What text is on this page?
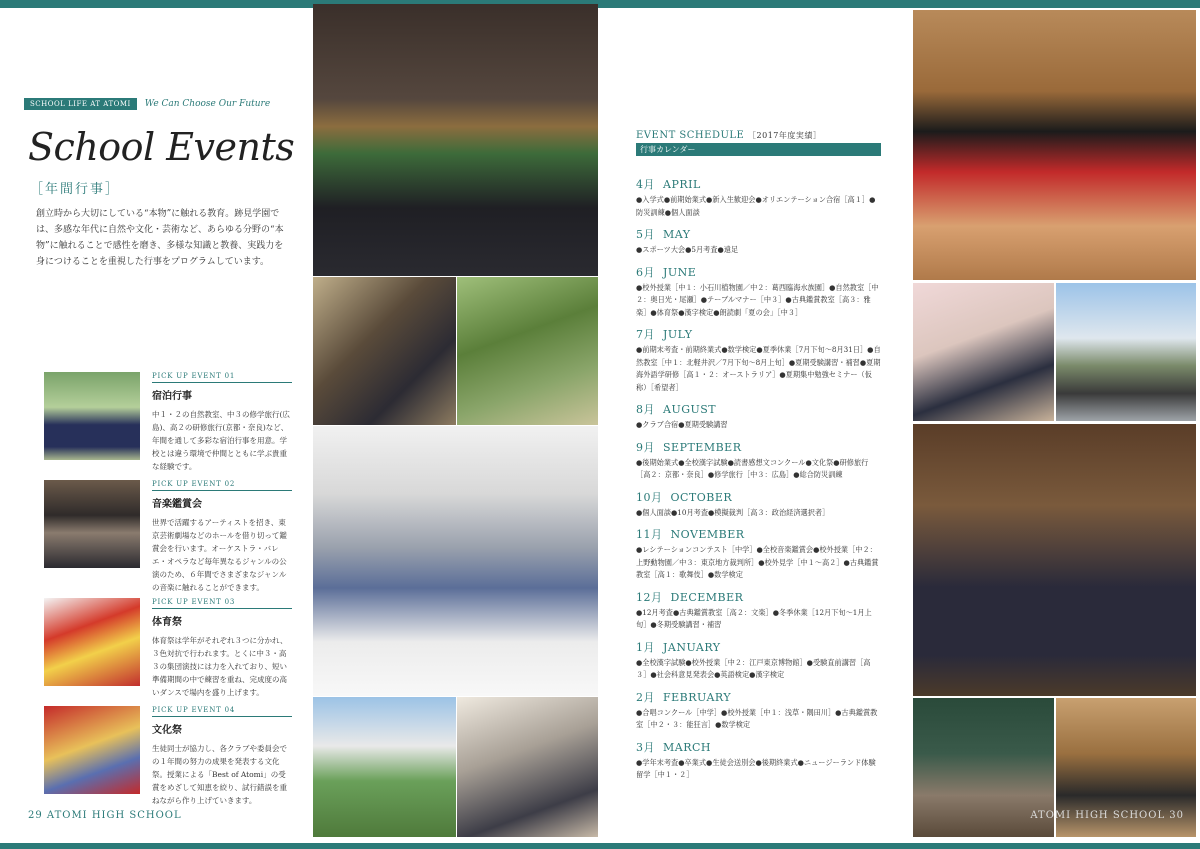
SCHOOL LIFE AT ATOMI	We Can Choose Our Future
School Events
［年間行事］
創立時から大切にしている“本物”に触れる教育。跡見学園では、多感な年代に自然や文化・芸術など、あらゆる分野の“本物”に触れることで感性を磨き、多様な知識と教養、実践力を身につけることを重視した行事をプログラムしています。
PICK UP EVENT 01
宿泊行事
中１・２の自然教室、中３の修学旅行(広島)、高２の研修旅行(京都・奈良)など、年間を通して多彩な宿泊行事を用意。学校とは違う環境で仲間とともに学ぶ貴重な経験です。
PICK UP EVENT 02
音楽鑑賞会
世界で活躍するアーティストを招き、東京芸術劇場などのホールを借り切って鑑賞会を行います。オーケストラ・バレエ・オペラなど毎年異なるジャンルの公演のため、６年間でさまざまなジャンルの音楽に触れることができます。
PICK UP EVENT 03
体育祭
体育祭は学年がそれぞれ３つに分かれ、３色対抗で行われます。とくに中３・高３の集団演技には力を入れており、短い準備期間の中で練習を重ね、完成度の高いダンスで場内を盛り上げます。
PICK UP EVENT 04
文化祭
生徒同士が協力し、各クラブや委員会での１年間の努力の成果を発表する文化祭。授業による「Best of Atomi」の受賞をめざして知恵を絞り、試行錯誤を重ねながら作り上げていきます。
29 ATOMI HIGH SCHOOL
EVENT SCHEDULE ［2017年度実績］
行事カレンダー
4月 APRIL
●入学式●前期始業式●新入生歓迎会●オリエンテーション合宿［高１］●防災訓練●個人面談
5月 MAY
●スポーツ大会●5月考査●遠足
6月 JUNE
●校外授業［中１：小石川植物園／中２：葛西臨海水族園］●自然教室［中２：奥日光・尾瀬］●テーブルマナー［中３］●古典鑑賞教室［高３：雅楽］●体育祭●漢字検定●朗読劇「夏の会」［中３］
7月 JULY
●前期末考査・前期終業式●数学検定●夏季休業［7月下旬〜8月31日］●自然教室［中１：北軽井沢／7月下旬〜8月上旬］●夏期受験講習・補習●夏期海外語学研修［高１・２：オーストラリア］●夏期集中勉強セミナー（仮称）［希望者］
8月 AUGUST
●クラブ合宿●夏期受験講習
9月 SEPTEMBER
●後期始業式●全校漢字試験●読書感想文コンクール●文化祭●研修旅行［高２：京都・奈良］●修学旅行［中３：広島］●総合防災訓練
10月 OCTOBER
●個人面談●10月考査●模擬裁判［高３：政治経済選択者］
11月 NOVEMBER
●レシテーションコンテスト［中学］●全校音楽鑑賞会●校外授業［中２：上野動物園／中３：東京地方裁判所］●校外見学［中１〜高２］●古典鑑賞教室［高１：歌舞伎］●数学検定
12月 DECEMBER
●12月考査●古典鑑賞教室［高２：文楽］●冬季休業［12月下旬〜1月上旬］●冬期受験講習・補習
1月 JANUARY
●全校漢字試験●校外授業［中２：江戸東京博物館］●受験直前講習［高３］●社会科意見発表会●英語検定●漢字検定
2月 FEBRUARY
●合唱コンクール［中学］●校外授業［中１：浅草・隅田川］●古典鑑賞教室［中２・３：能狂言］●数学検定
3月 MARCH
●学年末考査●卒業式●生徒会送別会●後期終業式●ニュージーランド体験留学［中１・２］
ATOMI HIGH SCHOOL 30
